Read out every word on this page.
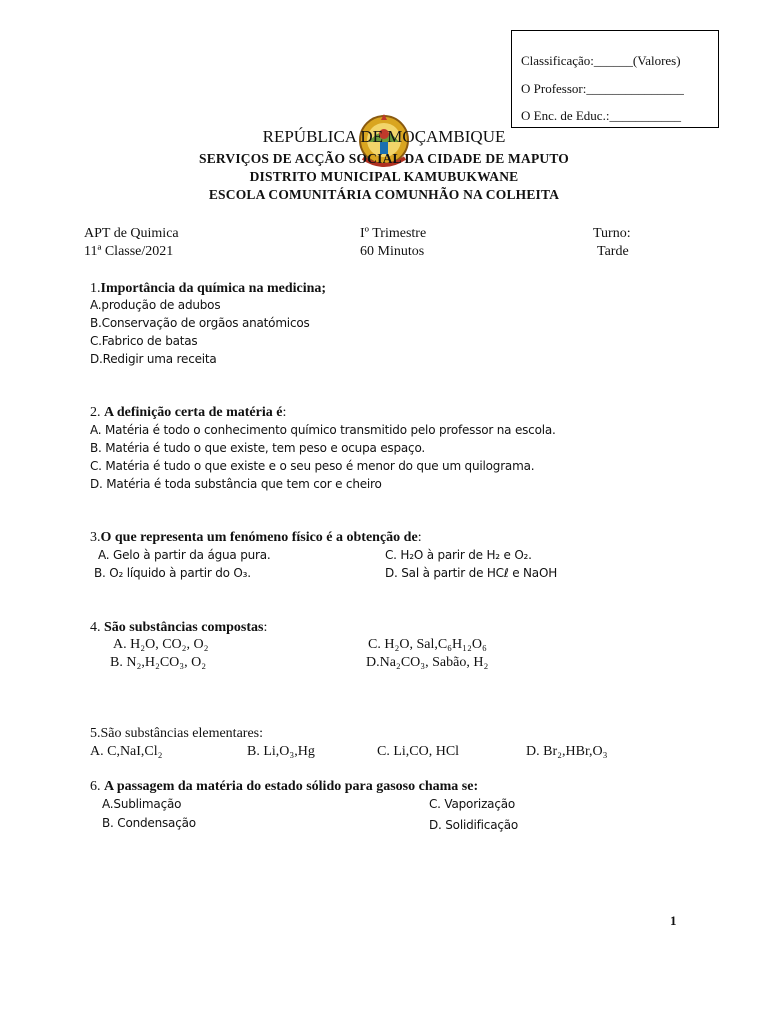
Classificação:______(Valores)
O Professor:_______________
O Enc. de Educ.:___________
REPÚBLICA DE MOÇAMBIQUE
SERVIÇOS DE ACÇÃO SOCIAL DA CIDADE DE MAPUTO
DISTRITO MUNICIPAL KAMUBUKWANE
ESCOLA COMUNITÁRIA COMUNHÃO NA COLHEITA
APT de Quimica
11ª Classe/2021
Iº Trimestre
60 Minutos
Turno:
Tarde
1.Importância da química na medicina;
A.produção de adubos
B.Conservação de orgãos anatómicos
C.Fabrico de batas
D.Redigir uma receita
2. A definição certa de matéria é:
A. Matéria é todo o conhecimento químico transmitido pelo professor na escola.
B. Matéria é tudo o que existe, tem peso e ocupa espaço.
C. Matéria é tudo o que existe e o seu peso é menor do que um quilograma.
D. Matéria é toda substância que tem cor e cheiro
3.O que representa um fenómeno físico é a obtenção de:
A. Gelo à partir da água pura.
B. O₂ líquido à partir do O₃.
C. H₂O à parir de H₂ e O₂.
D. Sal à partir de HCℓ e NaOH
4. São substâncias compostas:
A. H₂O, CO₂, O₂
B. N₂,H₂CO₃, O₂
C. H₂O, Sal,C₆H₁₂O₆
D.Na₂CO₃, Sabão, H₂
5.São substâncias elementares:
A. C,NaI,Cl₂	B. Li,O₃,Hg	C. Li,CO, HCl	D. Br₂,HBr,O₃
6. A passagem da matéria do estado sólido para gasoso chama se:
A.Sublimação
B. Condensação
C. Vaporização
D. Solidificação
1
